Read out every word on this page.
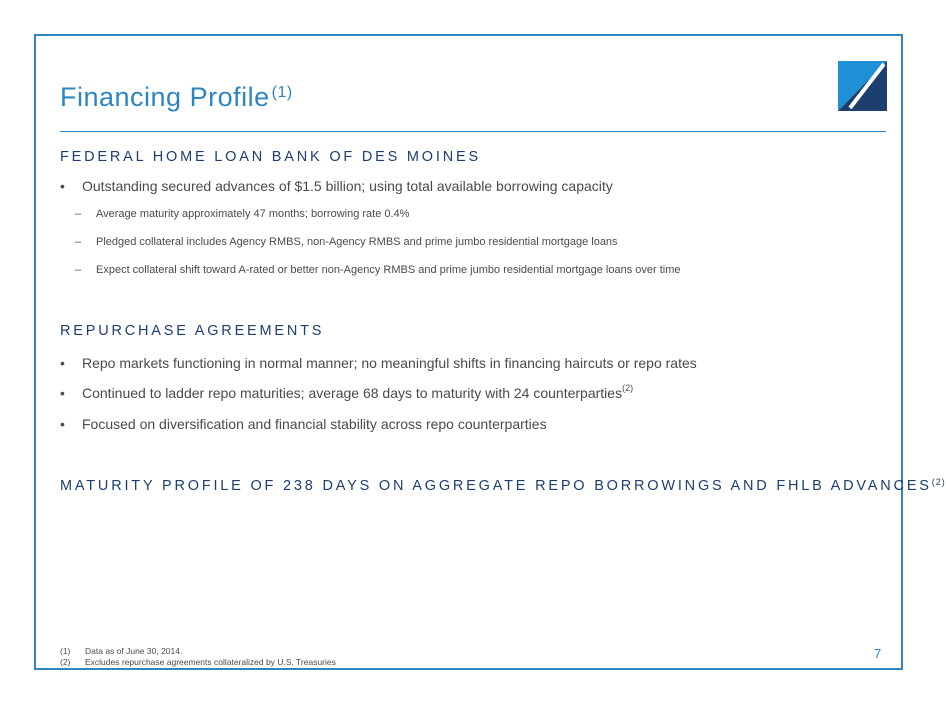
Financing Profile $^{(1)}$
FEDERAL HOME LOAN BANK OF DES MOINES
• Outstanding secured advances of $1.5 billion; using total available borrowing capacity
– Average maturity approximately 47 months; borrowing rate 0.4%
– Pledged collateral includes Agency RMBS, non-Agency RMBS and prime jumbo residential mortgage loans
– Expect collateral shift toward A-rated or better non-Agency RMBS and prime jumbo residential mortgage loans over time
REPURCHASE AGREEMENTS
• Repo markets functioning in normal manner; no meaningful shifts in financing haircuts or repo rates
• Continued to ladder repo maturities; average 68 days to maturity with 24 counterparties$^{(2)}$
• Focused on diversification and financial stability across repo counterparties
MATURITY PROFILE OF 238 DAYS ON AGGREGATE REPO BORROWINGS AND FHLB ADVANCES$^{(2)}$
(1) Data as of June 30, 2014.
(2) Excludes repurchase agreements collateralized by U.S. Treasuries
7
